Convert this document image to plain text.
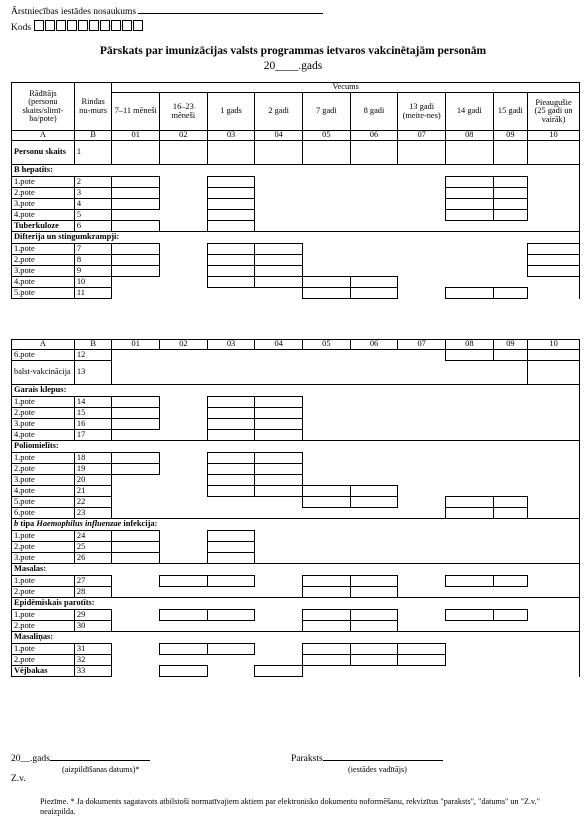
Ārstniecības iestādes nosaukums
Kods
Pārskats par imunizācijas valsts programmas ietvaros vakcinētajām personām
20____.gads
Rādītājs (personu skaits/slimī-ba/pote)	Rindas nu-murs	Vecums									
		7–11 mēneši	16–23 mēneši	1 gads	2 gadi	7 gadi	8 gadi	13 gadi (meite-nes)	14 gadi	15 gadi	Pieaugušie (25 gadi un vairāk)
A	B	01	02	03	04	05	06	07	08	09	10
Personu skaits	1										
B hepatīts:											
1.pote	2										
2.pote	3										
3.pote	4										
4.pote	5										
Tuberkuloze	6										
Difterija un stingumkrampji:											
1.pote	7										
2.pote	8										
3.pote	9										
4.pote	10										
5.pote	11										
A	B	01	02	03	04	05	06	07	08	09	10
6.pote	12										
balst-vakcinācija	13										
Garais klepus:											
1.pote	14										
2.pote	15										
3.pote	16										
4.pote	17										
Poliomielīts:											
1.pote	18										
2.pote	19										
3.pote	20										
4.pote	21										
5.pote	22										
6.pote	23										
b tipa Haemophilus influenzae infekcija:											
1.pote	24										
2.pote	25										
3.pote	26										
Masalas:											
1.pote	27										
2.pote	28										
Epidēmiskais parotīts:											
1.pote	29										
2.pote	30										
Masaliņas:											
1.pote	31										
2.pote	32										
Vējbakas	33										
20__.gads
(aizpildīšanas datums)*
Paraksts
(iestādes vadītājs)
Z.v.
Piezīme. * Ja dokuments sagatavots atbilstoši normatīvajiem aktiem par elektronisko dokumentu noformēšanu, rekvizītus "paraksts", "datums" un "Z.v." neaizpilda.
